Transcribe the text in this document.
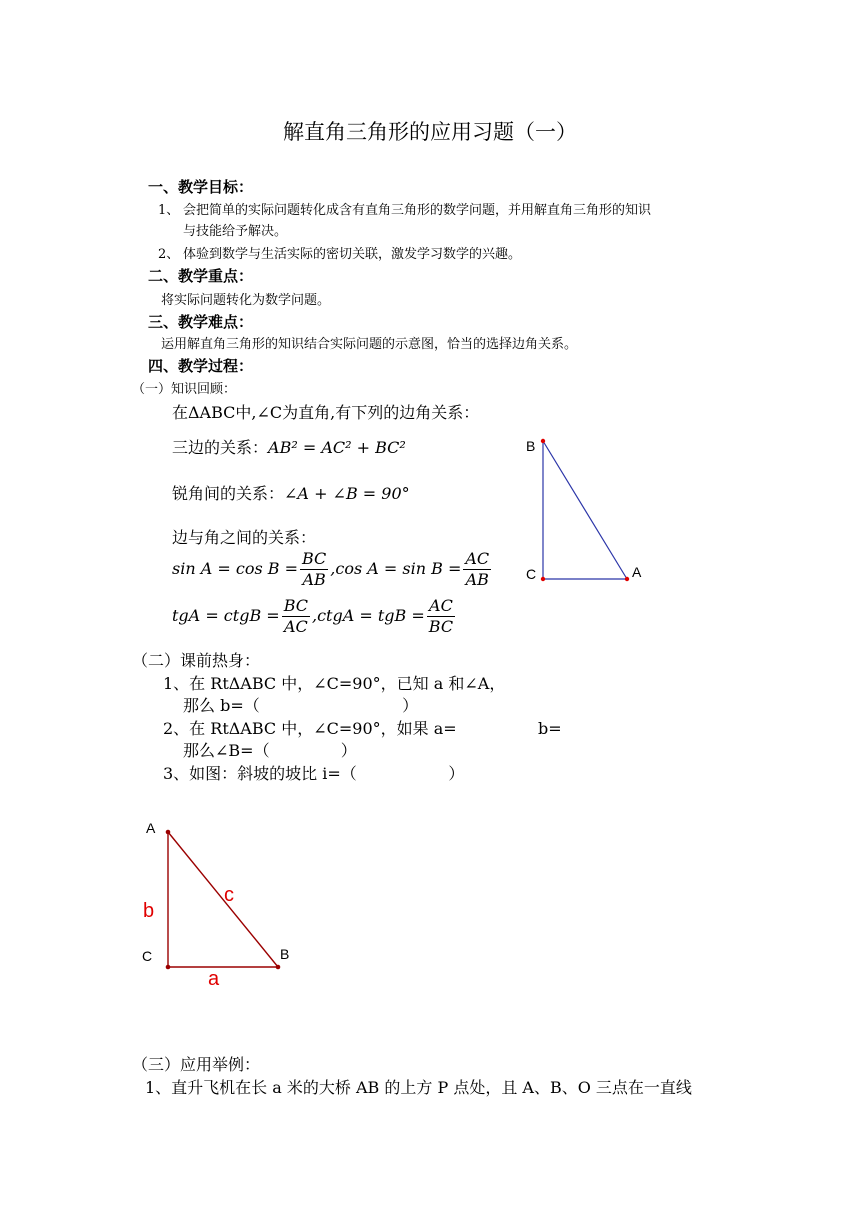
解直角三角形的应用习题（一）
一、教学目标：
1、 会把简单的实际问题转化成含有直角三角形的数学问题，并用解直角三角形的知识
与技能给予解决。
2、 体验到数学与生活实际的密切关联，激发学习数学的兴趣。
二、教学重点：
将实际问题转化为数学问题。
三、教学难点：
运用解直角三角形的知识结合实际问题的示意图，恰当的选择边角关系。
四、教学过程：
（一）知识回顾：
在ΔABC中,∠C为直角,有下列的边角关系：
三边的关系：AB² = AC² + BC²
锐角间的关系：∠A + ∠B = 90°
边与角之间的关系：
$\sin A = \cos B = \frac{BC}{AB} ,\cos$ $A = \sin B = \frac{AC}{AB}$
tgA = ctgB = $\frac{BC}{AC}$ ,ctgA = tgB = $\frac{AC}{BC}$
B
C	A
（二）课前热身：
1、在 RtΔABC 中，∠C=90°，已知 a 和∠A，
那么 b=（                            ）
2、在 RtΔABC 中，∠C=90°，如果 a=                b=
那么∠B=（              ）
3、如图：斜坡的坡比 i=（                  ）
A
C	B
b
c
a
（三）应用举例：
1、直升飞机在长 a 米的大桥 AB 的上方 P 点处，且 A、B、O 三点在一直线
